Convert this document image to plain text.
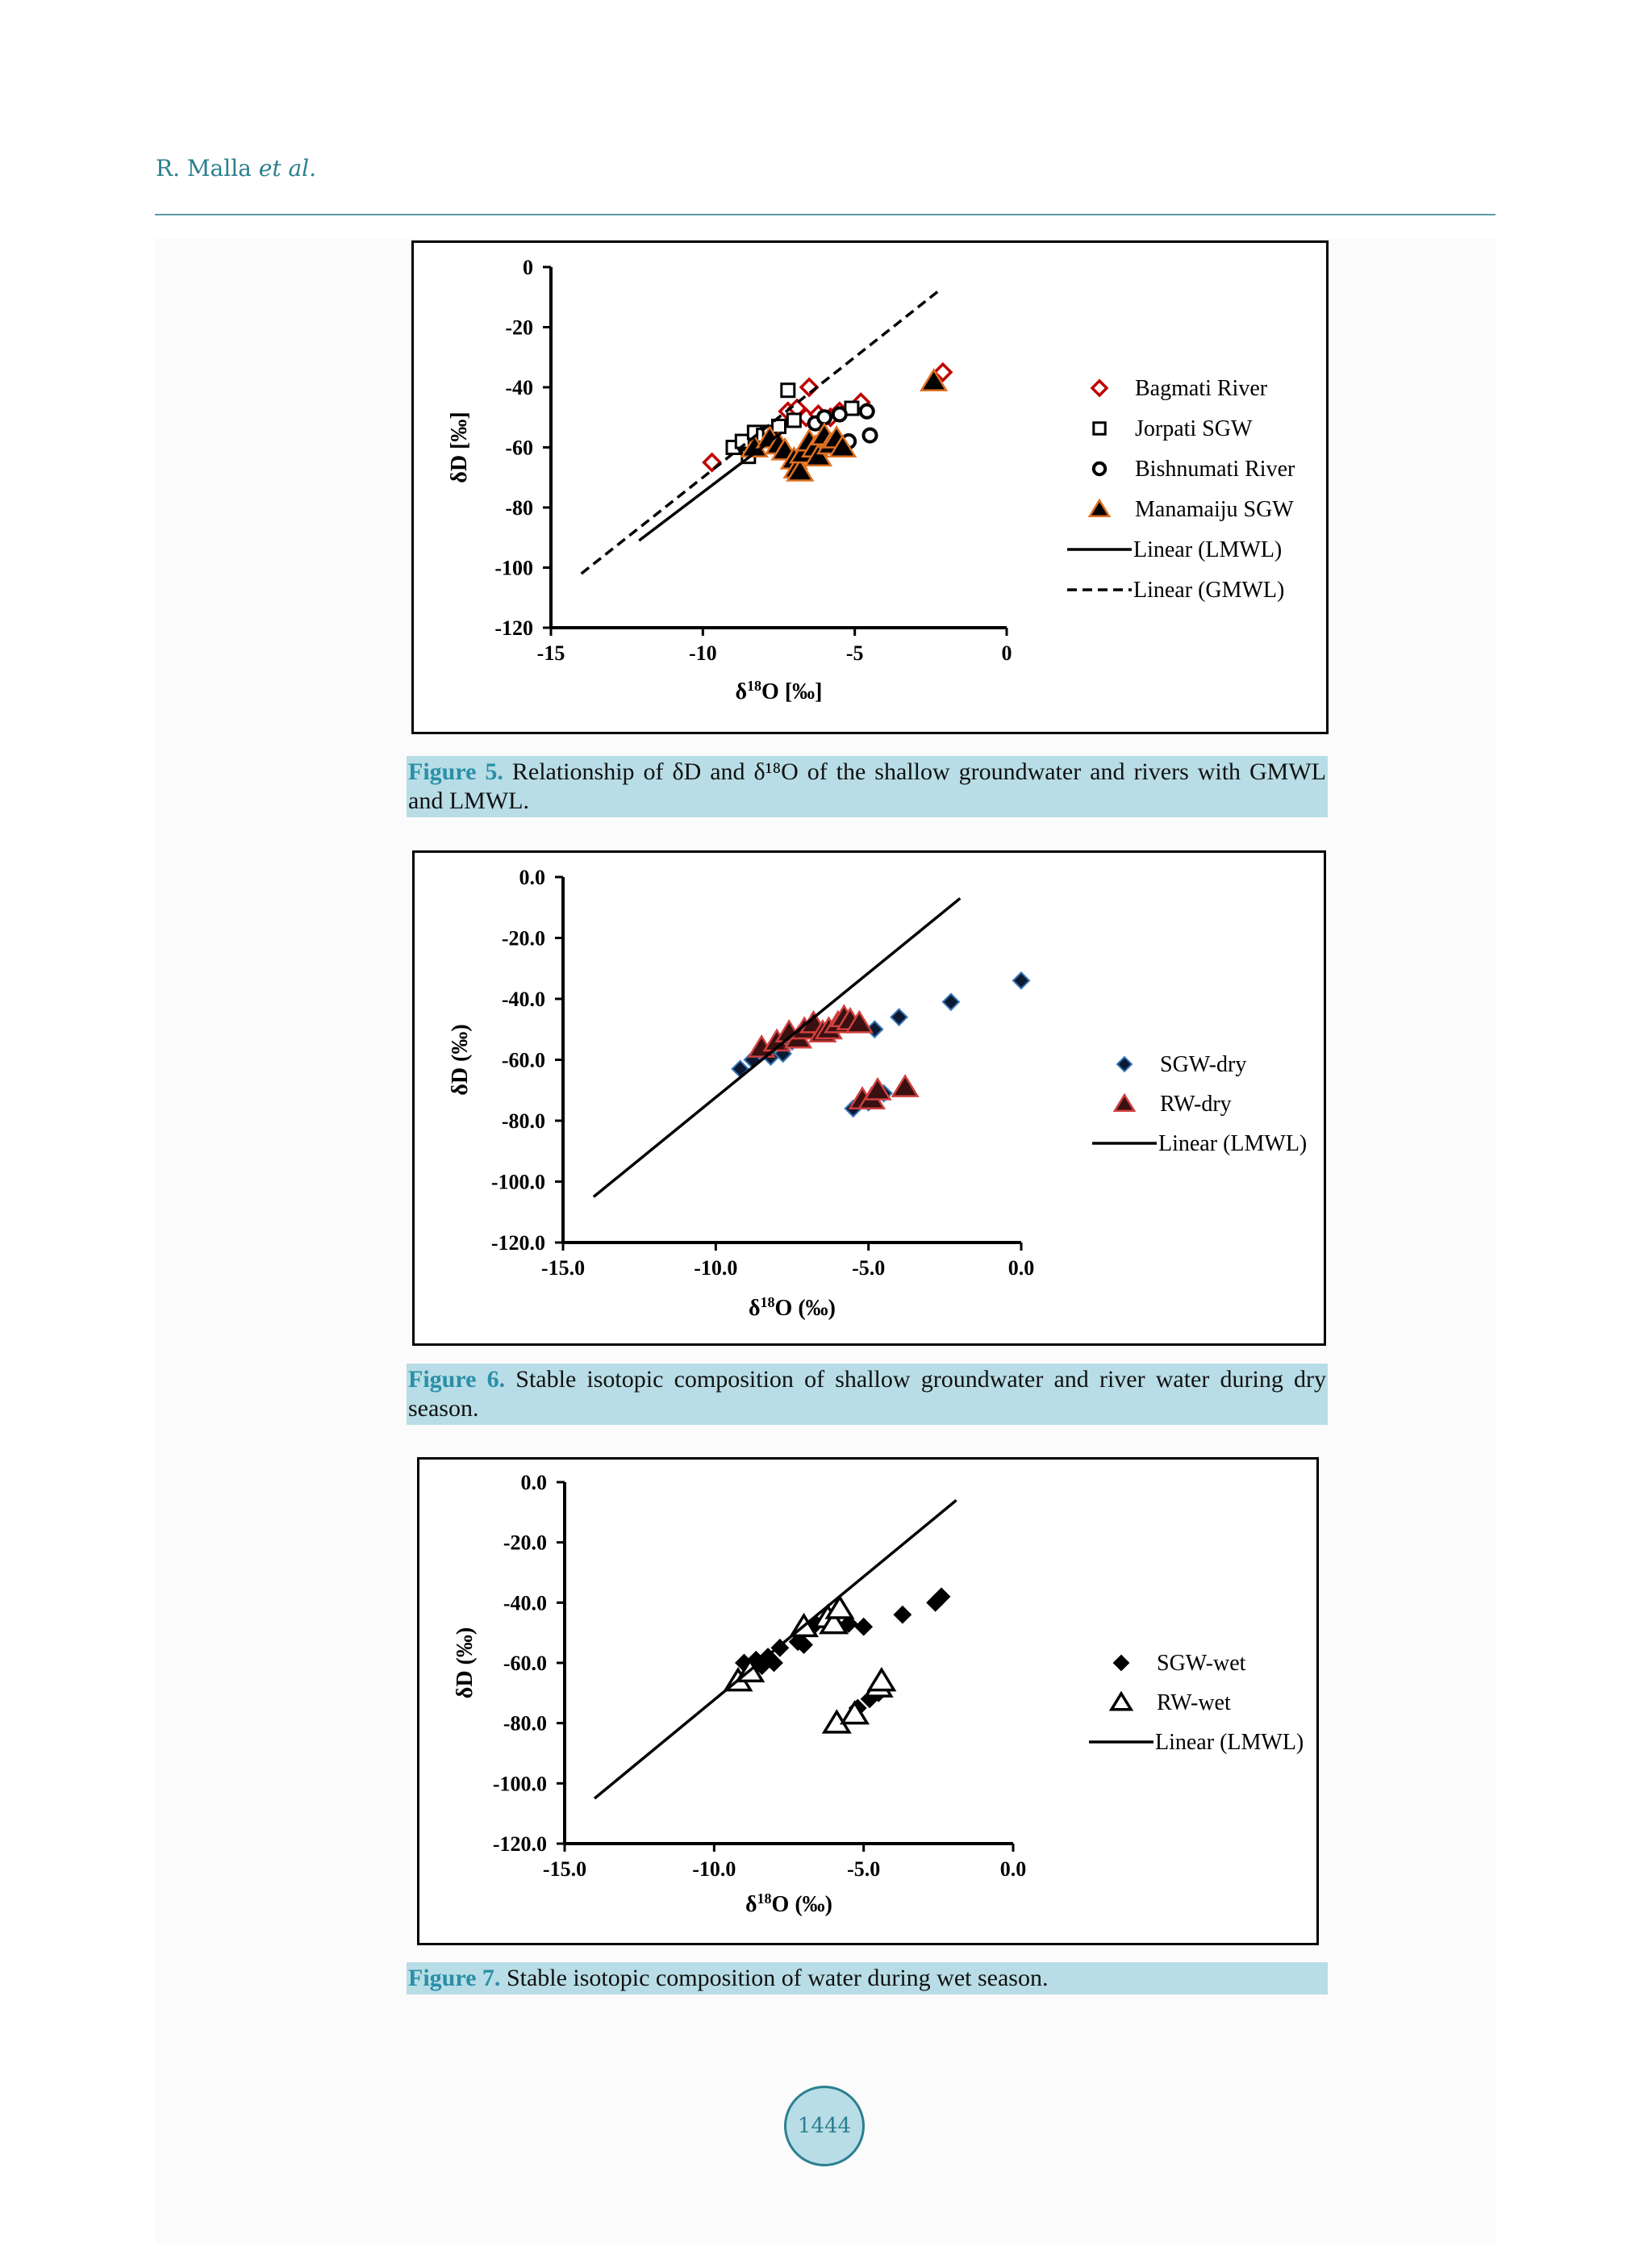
R. Malla et al.
0
-20
-40
-60
-80
-100
-120
-15	-10	-5	0
$\delta^{18}O$ [‰]
δD [‰]
Bagmati River
Jorpati SGW
Bishnumati River
Manamaiju SGW
Linear (LMWL)
Linear (GMWL)
Figure 5. Relationship of δD and δ¹⁸O of the shallow groundwater and rivers with GMWL and LMWL.
0.0
-20.0
-40.0
-60.0
-80.0
-100.0
-120.0
-15.0	-10.0	-5.0	0.0
$\delta^{18}O$ (‰)
δD (‰)	SGW-dry
RW-dry
Linear (LMWL)
Figure 6. Stable isotopic composition of shallow groundwater and river water during dry season.
0.0
-20.0
-40.0
-60.0
-80.0
-100.0
-120.0
-15.0	-10.0	-5.0	0.0
$\delta^{18}O$ (‰)
δD (‰)	SGW-wet
RW-wet
Linear (LMWL)
Figure 7. Stable isotopic composition of water during wet season.
1444
